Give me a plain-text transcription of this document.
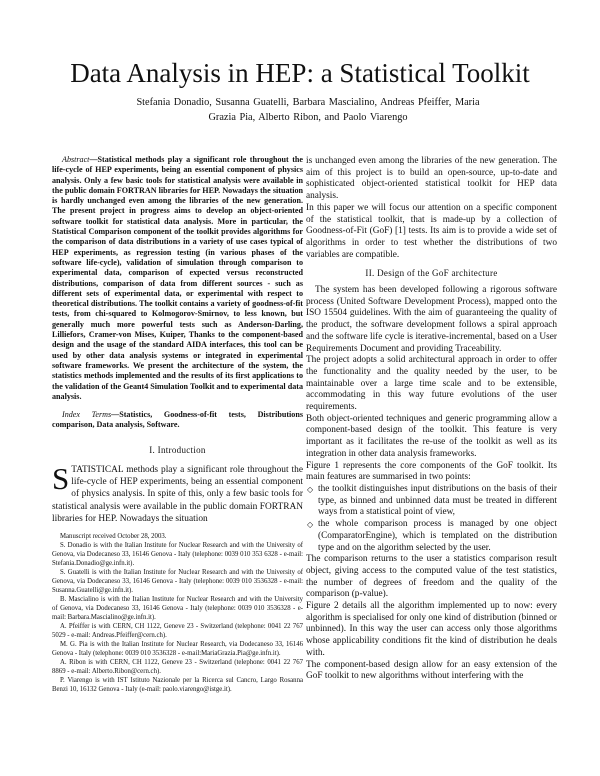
Data Analysis in HEP: a Statistical Toolkit
Stefania Donadio, Susanna Guatelli, Barbara Mascialino, Andreas Pfeiffer, Maria
Grazia Pia, Alberto Ribon, and Paolo Viarengo

Abstract—Statistical methods play a significant role throughout the life-cycle of HEP experiments, being an essential component of physics analysis. Only a few basic tools for statistical analysis were available in the public domain FORTRAN libraries for HEP. Nowadays the situation is hardly unchanged even among the libraries of the new generation. The present project in progress aims to develop an object-oriented software toolkit for statistical data analysis. More in particular, the Statistical Comparison component of the toolkit provides algorithms for the comparison of data distributions in a variety of use cases typical of HEP experiments, as regression testing (in various phases of the software life-cycle), validation of simulation through comparison to experimental data, comparison of expected versus reconstructed distributions, comparison of data from different sources - such as different sets of experimental data, or experimental with respect to theoretical distributions. The toolkit contains a variety of goodness-of-fit tests, from chi-squared to Kolmogorov-Smirnov, to less known, but generally much more powerful tests such as Anderson-Darling, Lilliefors, Cramer-von Mises, Kuiper, Thanks to the component-based design and the usage of the standard AIDA interfaces, this tool can be used by other data analysis systems or integrated in experimental software frameworks. We present the architecture of the system, the statistics methods implemented and the results of its first applications to the validation of the Geant4 Simulation Toolkit and to experimental data analysis.

Index Terms—Statistics, Goodness-of-fit tests, Distributions comparison, Data analysis, Software.

I. Introduction

STATISTICAL methods play a significant role throughout the life-cycle of HEP experiments, being an essential component of physics analysis. In spite of this, only a few basic tools for statistical analysis were available in the public domain FORTRAN libraries for HEP. Nowadays the situation

Manuscript received October 28, 2003.

S. Donadio is with the Italian Institute for Nuclear Research and with the University of Genova, via Dodecaneso 33, 16146 Genova - Italy (telephone: 0039 010 353 6328 - e-mail: Stefania.Donadio@ge.infn.it).

S. Guatelli is with the Italian Institute for Nuclear Research and with the University of Genova, via Dodecaneso 33, 16146 Genova - Italy (telephone: 0039 010 3536328 - e-mail: Susanna.Guatelli@ge.infn.it).

B. Mascialino is with the Italian Institute for Nuclear Research and with the University of Genova, via Dodecaneso 33, 16146 Genova - Italy (telephone: 0039 010 3536328 - e-mail: Barbara.Mascialino@ge.infn.it).

A. Pfeiffer is with CERN, CH 1122, Geneve 23 - Switzerland (telephone: 0041 22 767 5029 - e-mail: Andreas.Pfeiffer@cern.ch).

M. G. Pia is with the Italian Institute for Nuclear Research, via Dodecaneso 33, 16146 Genova - Italy (telephone: 0039 010 3536328 - e-mail:MariaGrazia.Pia@ge.infn.it).

A. Ribon is with CERN, CH 1122, Geneve 23 - Switzerland (telephone: 0041 22 767 8869 - e-mail: Alberto.Ribon@cern.ch).

P. Viarengo is with IST Istituto Nazionale per la Ricerca sul Cancro, Largo Rosanna Benzi 10, 16132 Genova - Italy (e-mail: paolo.viarengo@istge.it).

is unchanged even among the libraries of the new generation. The aim of this project is to build an open-source, up-to-date and sophisticated object-oriented statistical toolkit for HEP data analysis.

In this paper we will focus our attention on a specific component of the statistical toolkit, that is made-up by a collection of Goodness-of-Fit (GoF) [1] tests. Its aim is to provide a wide set of algorithms in order to test whether the distributions of two variables are compatible.

II. Design of the GoF architecture

The system has been developed following a rigorous software process (United Software Development Process), mapped onto the ISO 15504 guidelines. With the aim of guaranteeing the quality of the product, the software development follows a spiral approach and the software life cycle is iterative-incremental, based on a User Requirements Document and providing Traceability.

The project adopts a solid architectural approach in order to offer the functionality and the quality needed by the user, to be maintainable over a large time scale and to be extensible, accommodating in this way future evolutions of the user requirements.

Both object-oriented techniques and generic programming allow a component-based design of the toolkit. This feature is very important as it facilitates the re-use of the toolkit as well as its integration in other data analysis frameworks.

Figure 1 represents the core components of the GoF toolkit. Its main features are summarised in two points:

◇ the toolkit distinguishes input distributions on the basis of their type, as binned and unbinned data must be treated in different ways from a statistical point of view,
◇ the whole comparison process is managed by one object (ComparatorEngine), which is templated on the distribution type and on the algorithm selected by the user.

The comparison returns to the user a statistics comparison result object, giving access to the computed value of the test statistics, the number of degrees of freedom and the quality of the comparison (p-value).

Figure 2 details all the algorithm implemented up to now: every algorithm is specialised for only one kind of distribution (binned or unbinned). In this way the user can access only those algorithms whose applicability conditions fit the kind of distribution he deals with.

The component-based design allow for an easy extension of the GoF toolkit to new algorithms without interfering with the
